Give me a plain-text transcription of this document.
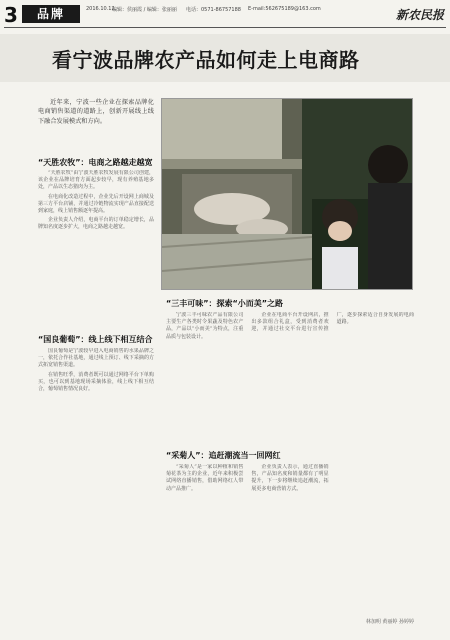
3	品牌	2016.10.12
编辑：侯丽霞 / 编辑：张丽丽 电话：0571-86757188 E-mail:562675189@163.com	新农民报
看宁波品牌农产品如何走上电商路

近年来，宁波一些企业在探索品牌化电商销售渠道的道路上，创新开展线上线下融合发展模式和方向。

“天胜农牧”：电商之路越走越宽

“天胜农牧”由宁波天胜农牧发展有限公司创建，该企业在品牌培育方面起步较早，现有养殖基地多处，产品以生态猪肉为主。

在电商化改造过程中，企业先后开设网上商城及第三方平台店铺，并通过冷链物流实现产品直接配送到家庭，线上销售额逐年提高。

企业负责人介绍，电商平台的订单稳定增长，品牌知名度逐步扩大，电商之路越走越宽。

“国良葡萄”：线上线下相互结合

国良葡萄是宁波较早进入电商销售的水果品牌之一，依托合作社基地，通过线上预订、线下采摘的方式拓宽销售渠道。

在销售旺季，消费者既可以通过网络平台下单购买，也可以到基地现场采摘体验，线上线下相互结合，葡萄销售情况良好。

“三丰可味”：探索“小而美”之路

宁波三丰可味农产品有限公司主要生产各类时令果蔬及特色农产品，产品以“小而美”为特点，注重品质与包装设计。

企业在电商平台开设网店，推出多款组合礼盒，受到消费者欢迎，并通过社交平台进行宣传推广，逐步探索适合自身发展的电商道路。

“采菊人”：追赶潮流当一回网红

“采菊人”是一家以种植和销售菊花茶为主的企业，近年来积极尝试网络直播销售，借助网络红人带动产品推广。

企业负责人表示，通过直播销售，产品知名度和销量都有了明显提升，下一步将继续追赶潮流，拓展更多电商营销方式。

林加明 黄丽婷 孙婷婷
